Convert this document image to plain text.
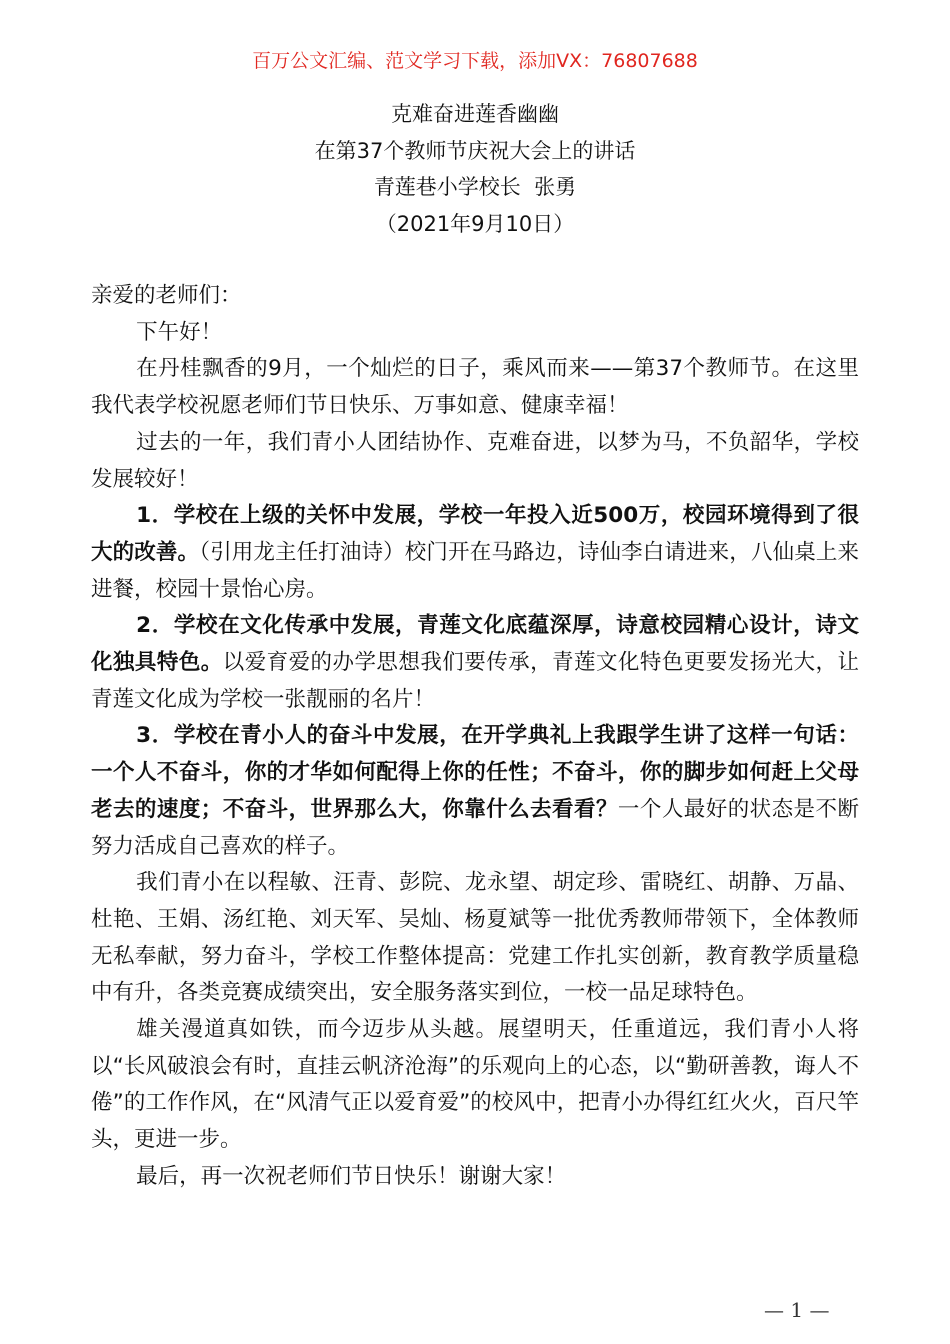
百万公文汇编、范文学习下载，添加VX：76807688
克难奋进莲香幽幽
在第37个教师节庆祝大会上的讲话
青莲巷小学校长  张勇
（2021年9月10日）

亲爱的老师们：

下午好！

在丹桂飘香的9月，一个灿烂的日子，乘风而来——第37个教师节。在这里我代表学校祝愿老师们节日快乐、万事如意、健康幸福！

过去的一年，我们青小人团结协作、克难奋进，以梦为马，不负韶华，学校发展较好！

1．学校在上级的关怀中发展，学校一年投入近500万，校园环境得到了很大的改善。（引用龙主任打油诗）校门开在马路边，诗仙李白请进来，八仙桌上来进餐，校园十景怡心房。

2．学校在文化传承中发展，青莲文化底蕴深厚，诗意校园精心设计，诗文化独具特色。以爱育爱的办学思想我们要传承，青莲文化特色更要发扬光大，让青莲文化成为学校一张靓丽的名片！

3．学校在青小人的奋斗中发展，在开学典礼上我跟学生讲了这样一句话：一个人不奋斗，你的才华如何配得上你的任性；不奋斗，你的脚步如何赶上父母老去的速度；不奋斗，世界那么大，你靠什么去看看？一个人最好的状态是不断努力活成自己喜欢的样子。

我们青小在以程敏、汪青、彭院、龙永望、胡定珍、雷晓红、胡静、万晶、杜艳、王娟、汤红艳、刘天军、吴灿、杨夏斌等一批优秀教师带领下，全体教师无私奉献，努力奋斗，学校工作整体提高：党建工作扎实创新，教育教学质量稳中有升，各类竞赛成绩突出，安全服务落实到位，一校一品足球特色。

雄关漫道真如铁，而今迈步从头越。展望明天，任重道远，我们青小人将以“长风破浪会有时，直挂云帆济沧海”的乐观向上的心态，以“勤研善教，诲人不倦”的工作作风，在“风清气正以爱育爱”的校风中，把青小办得红红火火，百尺竿头，更进一步。

最后，再一次祝老师们节日快乐！谢谢大家！

— 1 —
